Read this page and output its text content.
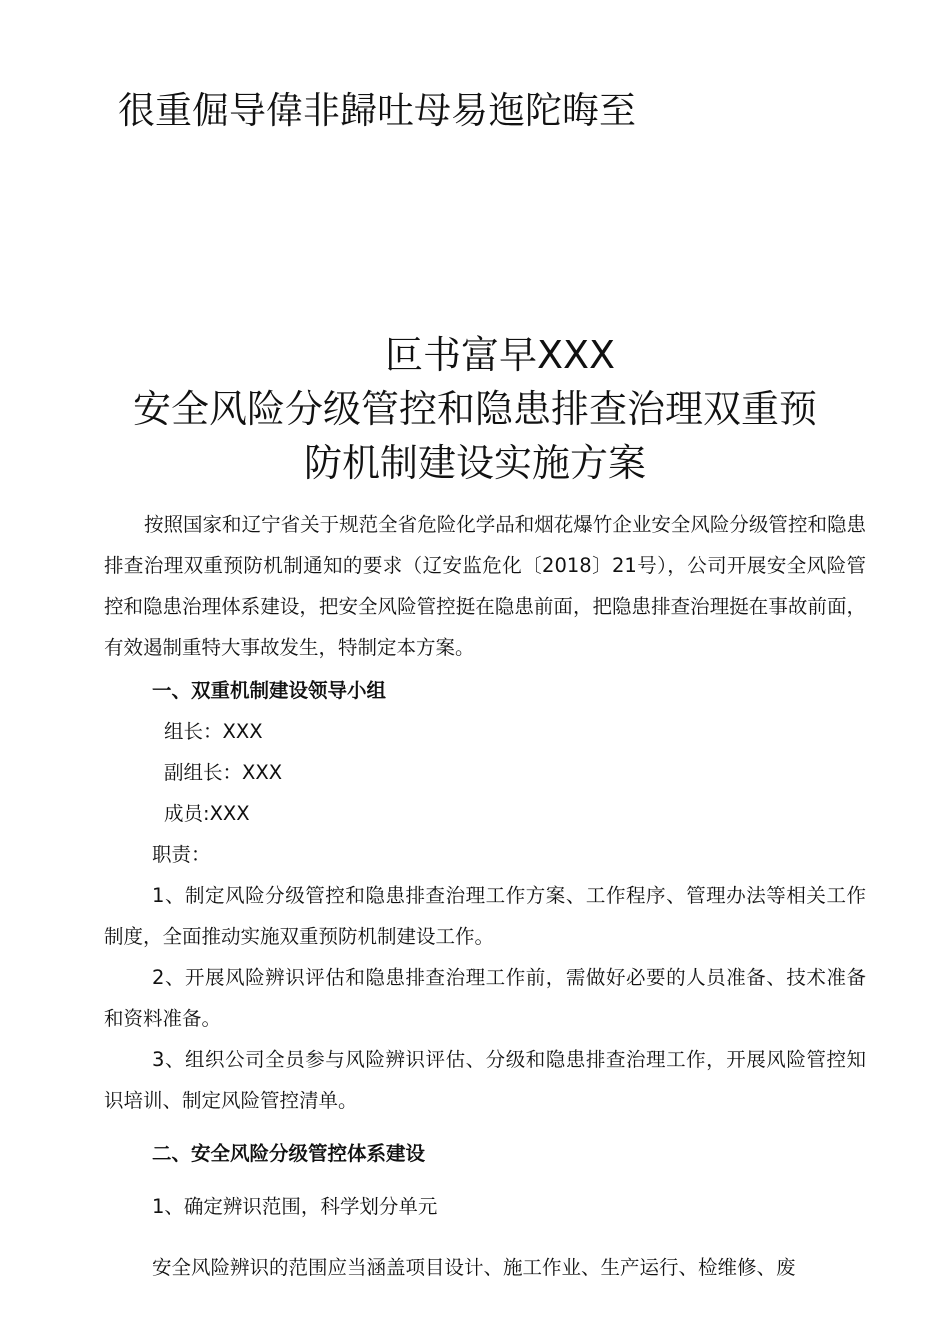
很重倔导偉非歸吐母易迤陀晦至
叵书富早XXX
安全风险分级管控和隐患排查治理双重预
防机制建设实施方案

按照国家和辽宁省关于规范全省危险化学品和烟花爆竹企业安全风险分级管控和隐患排查治理双重预防机制通知的要求（辽安监危化〔2018〕21号），公司开展安全风险管控和隐患治理体系建设，把安全风险管控挺在隐患前面，把隐患排查治理挺在事故前面，有效遏制重特大事故发生，特制定本方案。

一、双重机制建设领导小组

组长：XXX

副组长：XXX

成员:XXX

职责：

1、制定风险分级管控和隐患排查治理工作方案、工作程序、管理办法等相关工作制度，全面推动实施双重预防机制建设工作。

2、开展风险辨识评估和隐患排查治理工作前，需做好必要的人员准备、技术准备和资料准备。

3、组织公司全员参与风险辨识评估、分级和隐患排查治理工作，开展风险管控知识培训、制定风险管控清单。

二、安全风险分级管控体系建设

1、确定辨识范围，科学划分单元

安全风险辨识的范围应当涵盖项目设计、施工作业、生产运行、检维修、废
